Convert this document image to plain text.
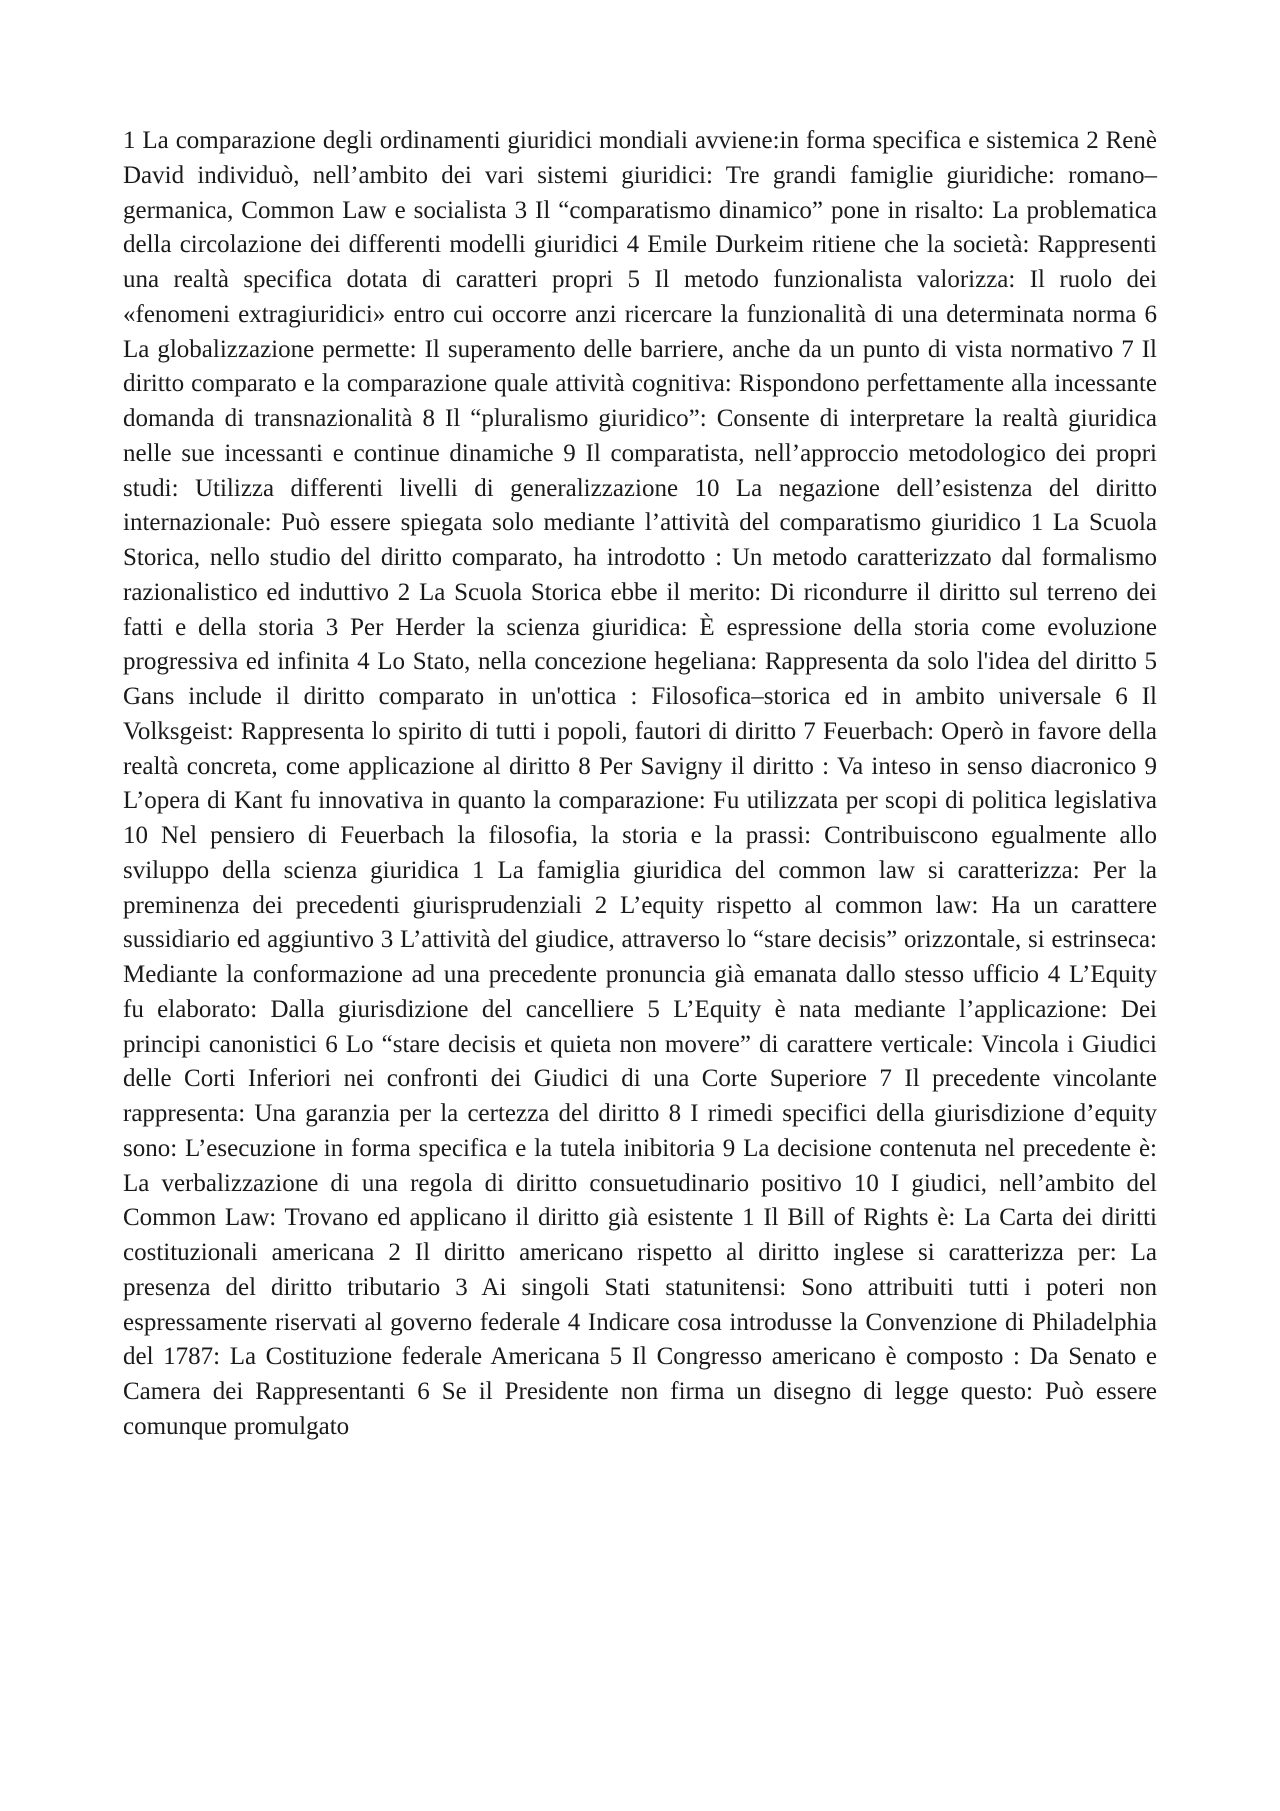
1 La comparazione degli ordinamenti giuridici mondiali avviene:in forma specifica e sistemica 2 Renè David individuò, nell’ambito dei vari sistemi giuridici: Tre grandi famiglie giuridiche: romano–germanica, Common Law e socialista 3 Il “comparatismo dinamico” pone in risalto: La problematica della circolazione dei differenti modelli giuridici 4 Emile Durkeim ritiene che la società: Rappresenti una realtà specifica dotata di caratteri propri 5 Il metodo funzionalista valorizza: Il ruolo dei «fenomeni extragiuridici» entro cui occorre anzi ricercare la funzionalità di una determinata norma 6 La globalizzazione permette: Il superamento delle barriere, anche da un punto di vista normativo 7 Il diritto comparato e la comparazione quale attività cognitiva: Rispondono perfettamente alla incessante domanda di transnazionalità 8 Il “pluralismo giuridico”: Consente di interpretare la realtà giuridica nelle sue incessanti e continue dinamiche 9 Il comparatista, nell’approccio metodologico dei propri studi: Utilizza differenti livelli di generalizzazione 10 La negazione dell’esistenza del diritto internazionale: Può essere spiegata solo mediante l’attività del comparatismo giuridico 1 La Scuola Storica, nello studio del diritto comparato, ha introdotto : Un metodo caratterizzato dal formalismo razionalistico ed induttivo 2 La Scuola Storica ebbe il merito: Di ricondurre il diritto sul terreno dei fatti e della storia 3 Per Herder la scienza giuridica: È espressione della storia come evoluzione progressiva ed infinita 4 Lo Stato, nella concezione hegeliana: Rappresenta da solo l'idea del diritto 5 Gans include il diritto comparato in un'ottica : Filosofica–storica ed in ambito universale 6 Il Volksgeist: Rappresenta lo spirito di tutti i popoli, fautori di diritto 7 Feuerbach: Operò in favore della realtà concreta, come applicazione al diritto 8 Per Savigny il diritto : Va inteso in senso diacronico 9 L’opera di Kant fu innovativa in quanto la comparazione: Fu utilizzata per scopi di politica legislativa 10 Nel pensiero di Feuerbach la filosofia, la storia e la prassi: Contribuiscono egualmente allo sviluppo della scienza giuridica 1 La famiglia giuridica del common law si caratterizza: Per la preminenza dei precedenti giurisprudenziali 2 L’equity rispetto al common law: Ha un carattere sussidiario ed aggiuntivo 3 L’attività del giudice, attraverso lo “stare decisis” orizzontale, si estrinseca: Mediante la conformazione ad una precedente pronuncia già emanata dallo stesso ufficio 4 L’Equity fu elaborato: Dalla giurisdizione del cancelliere 5 L’Equity è nata mediante l’applicazione: Dei principi canonistici 6 Lo “stare decisis et quieta non movere” di carattere verticale: Vincola i Giudici delle Corti Inferiori nei confronti dei Giudici di una Corte Superiore 7 Il precedente vincolante rappresenta: Una garanzia per la certezza del diritto 8 I rimedi specifici della giurisdizione d’equity sono: L’esecuzione in forma specifica e la tutela inibitoria 9 La decisione contenuta nel precedente è: La verbalizzazione di una regola di diritto consuetudinario positivo 10 I giudici, nell’ambito del Common Law: Trovano ed applicano il diritto già esistente 1 Il Bill of Rights è: La Carta dei diritti costituzionali americana 2 Il diritto americano rispetto al diritto inglese si caratterizza per: La presenza del diritto tributario 3 Ai singoli Stati statunitensi: Sono attribuiti tutti i poteri non espressamente riservati al governo federale 4 Indicare cosa introdusse la Convenzione di Philadelphia del 1787: La Costituzione federale Americana 5 Il Congresso americano è composto : Da Senato e Camera dei Rappresentanti 6 Se il Presidente non firma un disegno di legge questo: Può essere comunque promulgato
